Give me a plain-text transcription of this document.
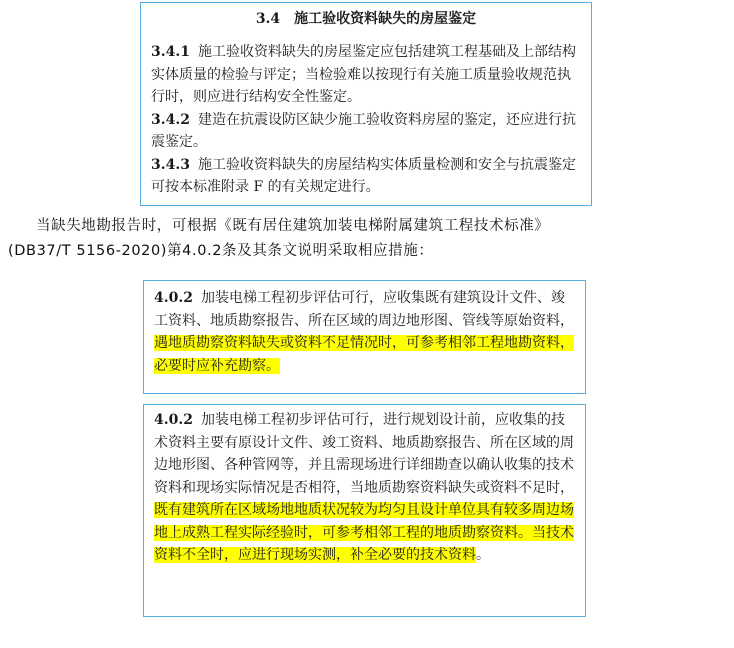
3.4　施工验收资料缺失的房屋鉴定

3.4.1 施工验收资料缺失的房屋鉴定应包括建筑工程基础及上部结构实体质量的检验与评定；当检验难以按现行有关施工质量验收规范执行时，则应进行结构安全性鉴定。

3.4.2 建造在抗震设防区缺少施工验收资料房屋的鉴定，还应进行抗震鉴定。

3.4.3 施工验收资料缺失的房屋结构实体质量检测和安全与抗震鉴定可按本标准附录 F 的有关规定进行。

当缺失地勘报告时，可根据《既有居住建筑加装电梯附属建筑工程技术标准》
(DB37/T 5156-2020)第4.0.2条及其条文说明采取相应措施：

4.0.2 加装电梯工程初步评估可行，应收集既有建筑设计文件、竣工资料、地质勘察报告、所在区域的周边地形图、管线等原始资料，遇地质勘察资料缺失或资料不足情况时，可参考相邻工程地勘资料，必要时应补充勘察。

4.0.2 加装电梯工程初步评估可行，进行规划设计前，应收集的技术资料主要有原设计文件、竣工资料、地质勘察报告、所在区域的周边地形图、各种管网等，并且需现场进行详细勘查以确认收集的技术资料和现场实际情况是否相符，当地质勘察资料缺失或资料不足时，既有建筑所在区域场地地质状况较为均匀且设计单位具有较多周边场地上成熟工程实际经验时，可参考相邻工程的地质勘察资料。当技术资料不全时，应进行现场实测，补全必要的技术资料。
